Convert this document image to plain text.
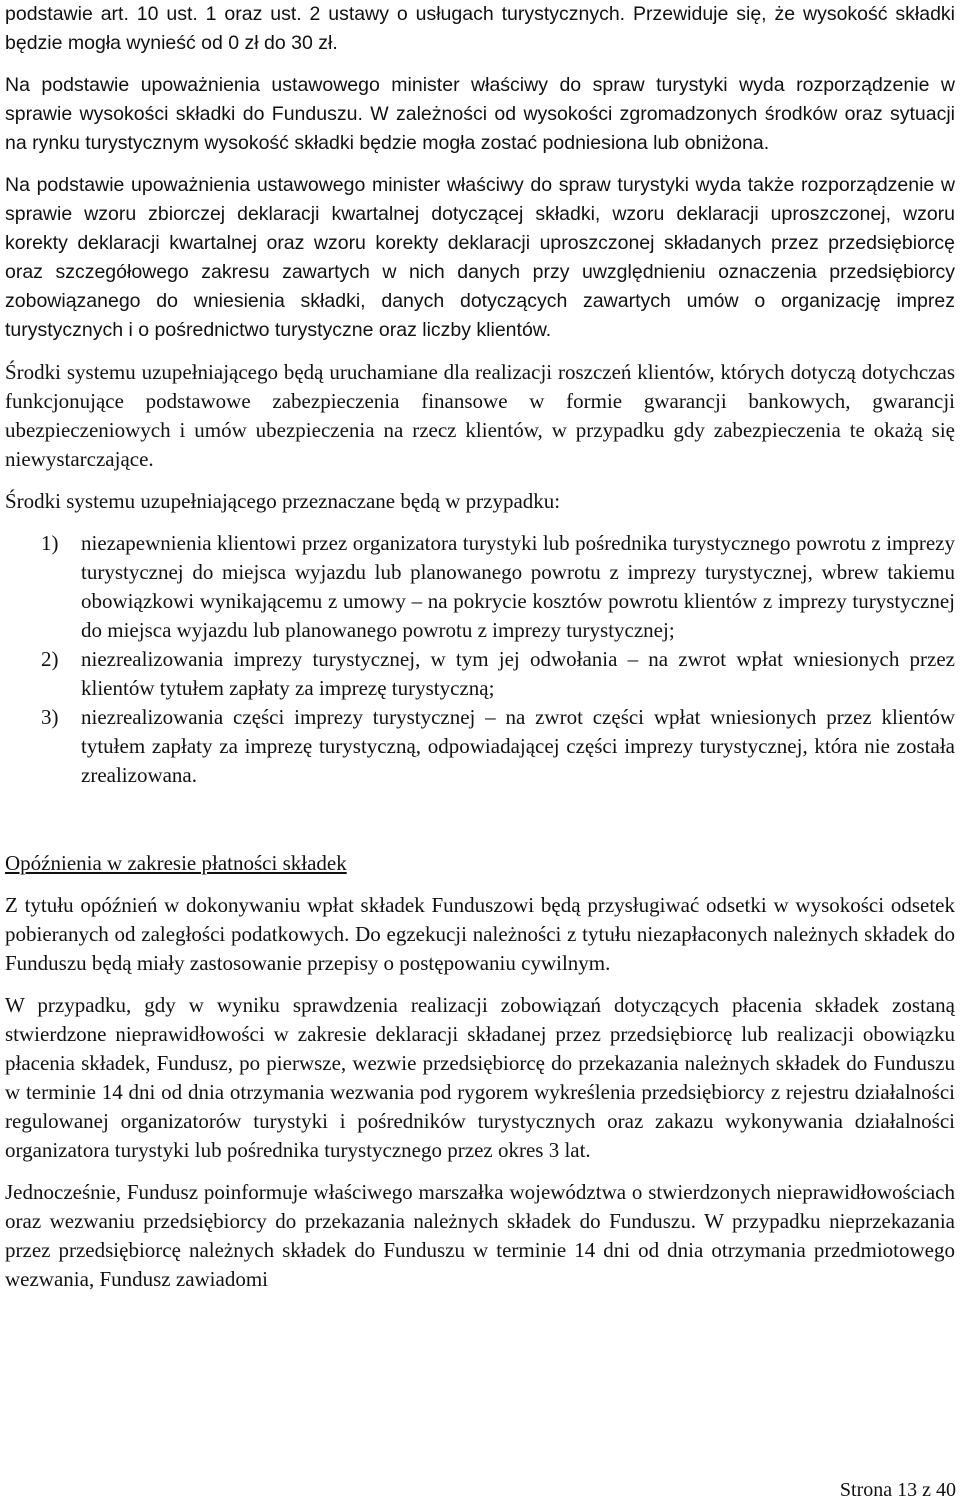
podstawie art. 10 ust. 1 oraz ust. 2 ustawy o usługach turystycznych. Przewiduje się, że wysokość składki będzie mogła wynieść od 0 zł do 30 zł.

Na podstawie upoważnienia ustawowego minister właściwy do spraw turystyki wyda rozporządzenie w sprawie wysokości składki do Funduszu. W zależności od wysokości zgromadzonych środków oraz sytuacji na rynku turystycznym wysokość składki będzie mogła zostać podniesiona lub obniżona.

Na podstawie upoważnienia ustawowego minister właściwy do spraw turystyki wyda także rozporządzenie w sprawie wzoru zbiorczej deklaracji kwartalnej dotyczącej składki, wzoru deklaracji uproszczonej, wzoru korekty deklaracji kwartalnej oraz wzoru korekty deklaracji uproszczonej składanych przez przedsiębiorcę oraz szczegółowego zakresu zawartych w nich danych przy uwzględnieniu oznaczenia przedsiębiorcy zobowiązanego do wniesienia składki, danych dotyczących zawartych umów o organizację imprez turystycznych i o pośrednictwo turystyczne oraz liczby klientów.

Środki systemu uzupełniającego będą uruchamiane dla realizacji roszczeń klientów, których dotyczą dotychczas funkcjonujące podstawowe zabezpieczenia finansowe w formie gwarancji bankowych, gwarancji ubezpieczeniowych i umów ubezpieczenia na rzecz klientów, w przypadku gdy zabezpieczenia te okażą się niewystarczające.

Środki systemu uzupełniającego przeznaczane będą w przypadku:

1) niezapewnienia klientowi przez organizatora turystyki lub pośrednika turystycznego powrotu z imprezy turystycznej do miejsca wyjazdu lub planowanego powrotu z imprezy turystycznej, wbrew takiemu obowiązkowi wynikającemu z umowy – na pokrycie kosztów powrotu klientów z imprezy turystycznej do miejsca wyjazdu lub planowanego powrotu z imprezy turystycznej;
2) niezrealizowania imprezy turystycznej, w tym jej odwołania – na zwrot wpłat wniesionych przez klientów tytułem zapłaty za imprezę turystyczną;
3) niezrealizowania części imprezy turystycznej – na zwrot części wpłat wniesionych przez klientów tytułem zapłaty za imprezę turystyczną, odpowiadającej części imprezy turystycznej, która nie została zrealizowana.

Opóźnienia w zakresie płatności składek

Z tytułu opóźnień w dokonywaniu wpłat składek Funduszowi będą przysługiwać odsetki w wysokości odsetek pobieranych od zaległości podatkowych. Do egzekucji należności z tytułu niezapłaconych należnych składek do Funduszu będą miały zastosowanie przepisy o postępowaniu cywilnym.

W przypadku, gdy w wyniku sprawdzenia realizacji zobowiązań dotyczących płacenia składek zostaną stwierdzone nieprawidłowości w zakresie deklaracji składanej przez przedsiębiorcę lub realizacji obowiązku płacenia składek, Fundusz, po pierwsze, wezwie przedsiębiorcę do przekazania należnych składek do Funduszu w terminie 14 dni od dnia otrzymania wezwania pod rygorem wykreślenia przedsiębiorcy z rejestru działalności regulowanej organizatorów turystyki i pośredników turystycznych oraz zakazu wykonywania działalności organizatora turystyki lub pośrednika turystycznego przez okres 3 lat.

Jednocześnie, Fundusz poinformuje właściwego marszałka województwa o stwierdzonych nieprawidłowościach oraz wezwaniu przedsiębiorcy do przekazania należnych składek do Funduszu. W przypadku nieprzekazania przez przedsiębiorcę należnych składek do Funduszu w terminie 14 dni od dnia otrzymania przedmiotowego wezwania, Fundusz zawiadomi

Strona 13 z 40
